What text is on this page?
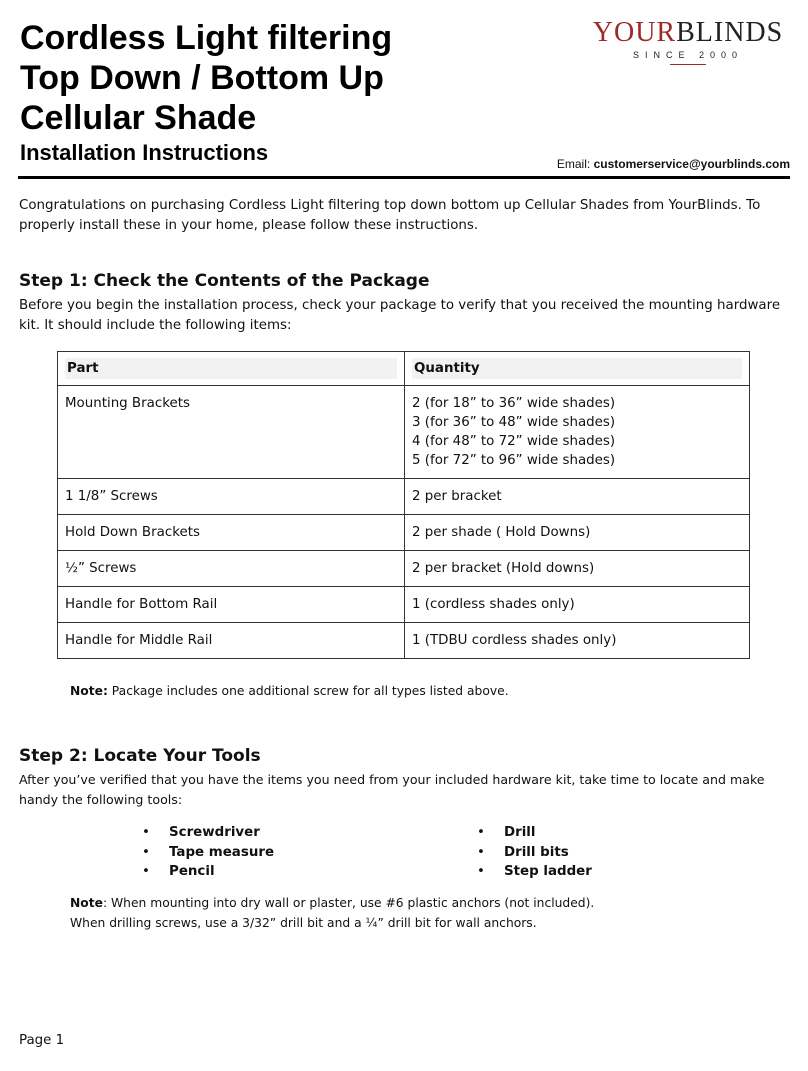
Cordless Light filtering
Top Down / Bottom Up
Cellular Shade
Installation Instructions
YOURBLINDS
SINCE 2000
Email: customerservice@yourblinds.com
Congratulations on purchasing Cordless Light filtering top down bottom up Cellular Shades from YourBlinds. To properly install these in your home, please follow these instructions.
Step 1: Check the Contents of the Package
Before you begin the installation process, check your package to verify that you received the mounting hardware kit. It should include the following items:
Part	Quantity

Mounting Brackets	2 (for 18” to 36” wide shades)
3 (for 36” to 48” wide shades)
4 (for 48” to 72” wide shades)
5 (for 72” to 96” wide shades)

1 1/8” Screws	2 per bracket
Hold Down Brackets	2 per shade ( Hold Downs)
½” Screws	2 per bracket (Hold downs)
Handle for Bottom Rail	1 (cordless shades only)
Handle for Middle Rail	1 (TDBU cordless shades only)
Note: Package includes one additional screw for all types listed above.
Step 2: Locate Your Tools
After you’ve verified that you have the items you need from your included hardware kit, take time to locate and make handy the following tools:
• Screwdriver
• Tape measure
• Pencil
• Drill
• Drill bits
• Step ladder
Note: When mounting into dry wall or plaster, use #6 plastic anchors (not included).
When drilling screws, use a 3/32” drill bit and a ¼” drill bit for wall anchors.
Page 1
